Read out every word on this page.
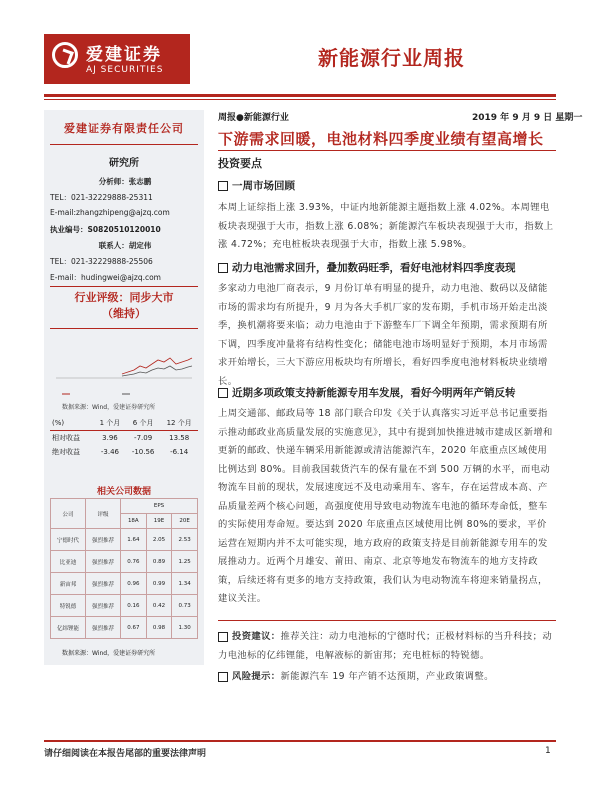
爱建证券
AJ SECURITIES	新能源行业周报
周报●新能源行业	2019 年 9 月 9 日 星期一
下游需求回暖，电池材料四季度业绩有望高增长
投资要点
爱建证券有限责任公司
研究所
分析师：张志鹏
TEL：021-32229888-25311
E-mail:zhangzhipeng@ajzq.com
执业编号：S0820510120010
联系人：胡定伟
TEL：021-32229888-25506
E-mail：hudingwei@ajzq.com
行业评级：同步大市
（维持）
数据来源：Wind，爱建证券研究所
(%)	1 个月	6 个月	12 个月
相对收益	3.96	-7.09	13.58
绝对收益	-3.46	-10.56	-6.14
相关公司数据
公司	评级	EPS		
		18A	19E	20E
宁德时代	强烈推荐	1.64	2.05	2.53
比亚迪	强烈推荐	0.76	0.89	1.25
新宙邦	强烈推荐	0.96	0.99	1.34
特锐德	强烈推荐	0.16	0.42	0.73
亿纬锂能	强烈推荐	0.67	0.98	1.30
数据来源：Wind，爱建证券研究所
一周市场回顾
本周上证综指上涨 3.93%，中证内地新能源主题指数上涨 4.02%。本周锂电板块表现强于大市，指数上涨 6.08%；新能源汽车板块表现强于大市，指数上涨 4.72%；充电桩板块表现强于大市，指数上涨 5.98%。
动力电池需求回升，叠加数码旺季，看好电池材料四季度表现
多家动力电池厂商表示，9 月份订单有明显的提升，动力电池、数码以及储能市场的需求均有所提升，9 月为各大手机厂家的发布期，手机市场开始走出淡季，换机潮将要来临；动力电池由于下游整车厂下调全年预期，需求预期有所下调，四季度冲量将有结构性变化；储能电池市场明显好于预期，本月市场需求开始增长，三大下游应用板块均有所增长，看好四季度电池材料板块业绩增长。
近期多项政策支持新能源专用车发展，看好今明两年产销反转
上周交通部、邮政局等 18 部门联合印发《关于认真落实习近平总书记重要指示推动邮政业高质量发展的实施意见》，其中有提到加快推进城市建成区新增和更新的邮政、快递车辆采用新能源或清洁能源汽车，2020 年底重点区域使用比例达到 80%。目前我国载货汽车的保有量在不到 500 万辆的水平，而电动物流车目前的现状，发展速度远不及电动乘用车、客车，存在运营成本高、产品质量差两个核心问题，高强度使用导致电动物流车电池的循环寿命低，整车的实际使用寿命短。要达到 2020 年底重点区域使用比例 80%的要求，平价运营在短期内并不太可能实现，地方政府的政策支持是目前新能源专用车的发展推动力。近两个月雄安、莆田、南京、北京等地发布物流车的地方支持政策，后续还将有更多的地方支持政策，我们认为电动物流车将迎来销量拐点，建议关注。
投资建议：推荐关注：动力电池标的宁德时代；正极材料标的当升科技；动力电池标的亿纬锂能，电解液标的新宙邦；充电桩标的特锐德。
风险提示：新能源汽车 19 年产销不达预期，产业政策调整。
请仔细阅读在本报告尾部的重要法律声明	1
